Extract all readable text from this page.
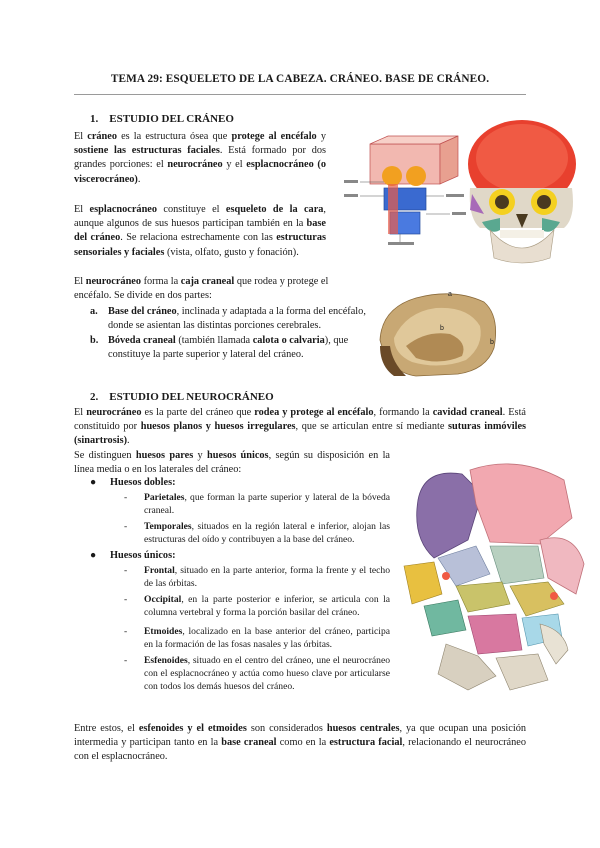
TEMA 29: ESQUELETO DE LA CABEZA. CRÁNEO. BASE DE CRÁNEO.
1.    ESTUDIO DEL CRÁNEO
El cráneo es la estructura ósea que protege al encéfalo y sostiene las estructuras faciales. Está formado por dos grandes porciones: el neurocráneo y el esplacnocráneo (o viscerocráneo).
El esplacnocráneo constituye el esqueleto de la cara, aunque algunos de sus huesos participan también en la base del cráneo. Se relaciona estrechamente con las estructuras sensoriales y faciales (vista, olfato, gusto y fonación).
El neurocráneo forma la caja craneal que rodea y protege el encéfalo. Se divide en dos partes:
a. Base del cráneo, inclinada y adaptada a la forma del encéfalo, donde se asientan las distintas porciones cerebrales.
b. Bóveda craneal (también llamada calota o calvaria), que constituye la parte superior y lateral del cráneo.
a
b
b
2.    ESTUDIO DEL NEUROCRÁNEO
El neurocráneo es la parte del cráneo que rodea y protege al encéfalo, formando la cavidad craneal. Está constituido por huesos planos y huesos irregulares, que se articulan entre sí mediante suturas inmóviles (sinartrosis).
Se distinguen huesos pares y huesos únicos, según su disposición en la línea media o en los laterales del cráneo:
● Huesos dobles:
-	Parietales, que forman la parte superior y lateral de la bóveda craneal.
-	Temporales, situados en la región lateral e inferior, alojan las estructuras del oído y contribuyen a la base del cráneo.
● Huesos únicos:
-	Frontal, situado en la parte anterior, forma la frente y el techo de las órbitas.
-	Occipital, en la parte posterior e inferior, se articula con la columna vertebral y forma la porción basilar del cráneo.
-	Etmoides, localizado en la base anterior del cráneo, participa en la formación de las fosas nasales y las órbitas.
-	Esfenoides, situado en el centro del cráneo, une el neurocráneo con el esplacnocráneo y actúa como hueso clave por articularse con todos los demás huesos del cráneo.
Entre estos, el esfenoides y el etmoides son considerados huesos centrales, ya que ocupan una posición intermedia y participan tanto en la base craneal como en la estructura facial, relacionando el neurocráneo con el esplacnocráneo.
